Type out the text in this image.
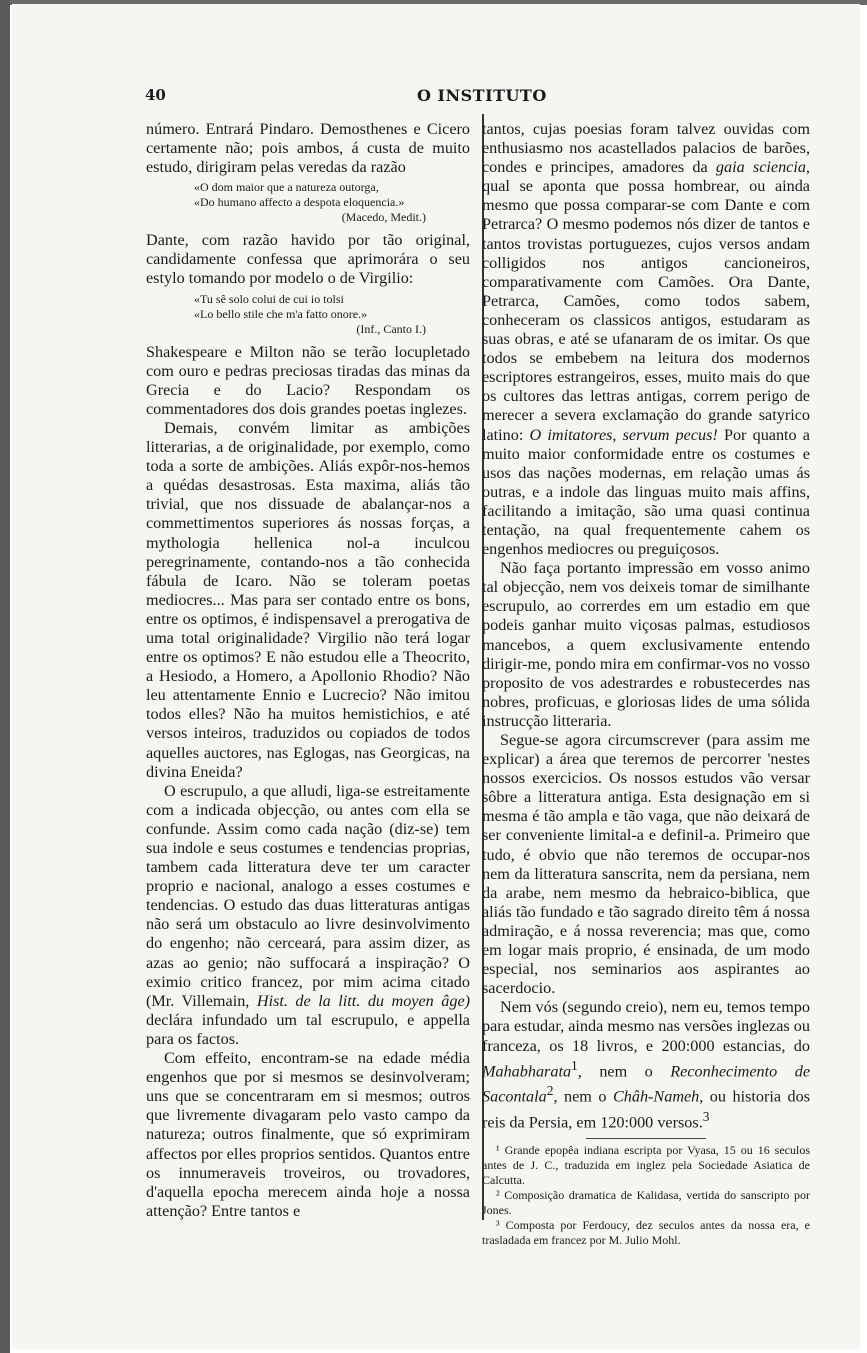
40	O INSTITUTO

número. Entrará Pindaro. Demosthenes e Cicero certamente não; pois ambos, á custa de muito estudo, dirigiram pelas veredas da razão

«O dom maior que a natureza outorga,
«Do humano affecto a despota eloquencia.»
(Macedo, Medit.)

Dante, com razão havido por tão original, candidamente confessa que aprimorára o seu estylo tomando por modelo o de Virgilio:

«Tu sê solo colui de cui io tolsi
«Lo bello stile che m'a fatto onore.»
(Inf., Canto I.)

Shakespeare e Milton não se terão locupletado com ouro e pedras preciosas tiradas das minas da Grecia e do Lacio? Respondam os commentadores dos dois grandes poetas inglezes.

Demais, convém limitar as ambições litterarias, a de originalidade, por exemplo, como toda a sorte de ambições. Aliás expôr-nos-hemos a quédas desastrosas. Esta maxima, aliás tão trivial, que nos dissuade de abalançar-nos a commettimentos superiores ás nossas forças, a mythologia hellenica nol-a inculcou peregrinamente, contando-nos a tão conhecida fábula de Icaro. Não se toleram poetas mediocres... Mas para ser contado entre os bons, entre os optimos, é indispensavel a prerogativa de uma total originalidade? Virgilio não terá logar entre os optimos? E não estudou elle a Theocrito, a Hesiodo, a Homero, a Apollonio Rhodio? Não leu attentamente Ennio e Lucrecio? Não imitou todos elles? Não ha muitos hemistichios, e até versos inteiros, traduzidos ou copiados de todos aquelles auctores, nas Eglogas, nas Georgicas, na divina Eneida?

O escrupulo, a que alludi, liga-se estreitamente com a indicada objecção, ou antes com ella se confunde. Assim como cada nação (diz-se) tem sua indole e seus costumes e tendencias proprias, tambem cada litteratura deve ter um caracter proprio e nacional, analogo a esses costumes e tendencias. O estudo das duas litteraturas antigas não será um obstaculo ao livre desinvolvimento do engenho; não cerceará, para assim dizer, as azas ao genio; não suffocará a inspiração? O eximio critico francez, por mim acima citado (Mr. Villemain, Hist. de la litt. du moyen âge) declára infundado um tal escrupulo, e appella para os factos.

Com effeito, encontram-se na edade média engenhos que por si mesmos se desinvolveram; uns que se concentraram em si mesmos; outros que livremente divagaram pelo vasto campo da natureza; outros finalmente, que só exprimiram affectos por elles proprios sentidos. Quantos entre os innumeraveis troveiros, ou trovadores, d'aquella epocha merecem ainda hoje a nossa attenção? Entre tantos e

tantos, cujas poesias foram talvez ouvidas com enthusiasmo nos acastellados palacios de barões, condes e principes, amadores da gaia sciencia, qual se aponta que possa hombrear, ou ainda mesmo que possa comparar-se com Dante e com Petrarca? O mesmo podemos nós dizer de tantos e tantos trovistas portuguezes, cujos versos andam colligidos nos antigos cancioneiros, comparativamente com Camões. Ora Dante, Petrarca, Camões, como todos sabem, conheceram os classicos antigos, estudaram as suas obras, e até se ufanaram de os imitar. Os que todos se embebem na leitura dos modernos escriptores estrangeiros, esses, muito mais do que os cultores das lettras antigas, correm perigo de merecer a severa exclamação do grande satyrico latino: O imitatores, servum pecus! Por quanto a muito maior conformidade entre os costumes e usos das nações modernas, em relação umas ás outras, e a indole das linguas muito mais affins, facilitando a imitação, são uma quasi continua tentação, na qual frequentemente cahem os engenhos mediocres ou preguiçosos.

Não faça portanto impressão em vosso animo tal objecção, nem vos deixeis tomar de similhante escrupulo, ao correrdes em um estadio em que podeis ganhar muito viçosas palmas, estudiosos mancebos, a quem exclusivamente entendo dirigir-me, pondo mira em confirmar-vos no vosso proposito de vos adestrardes e robustecerdes nas nobres, proficuas, e gloriosas lides de uma sólida instrucção litteraria.

Segue-se agora circumscrever (para assim me explicar) a área que teremos de percorrer 'nestes nossos exercicios. Os nossos estudos vão versar sôbre a litteratura antiga. Esta designação em si mesma é tão ampla e tão vaga, que não deixará de ser conveniente limital-a e definil-a. Primeiro que tudo, é obvio que não teremos de occupar-nos nem da litteratura sanscrita, nem da persiana, nem da arabe, nem mesmo da hebraico-biblica, que aliás tão fundado e tão sagrado direito têm á nossa admiração, e á nossa reverencia; mas que, como em logar mais proprio, é ensinada, de um modo especial, nos seminarios aos aspirantes ao sacerdocio.

Nem vós (segundo creio), nem eu, temos tempo para estudar, ainda mesmo nas versões inglezas ou franceza, os 18 livros, e 200:000 estancias, do Mahabharata$^1$, nem o Reconhecimento de Sacontala$^2$, nem o Châh-Nameh, ou historia dos reis da Persia, em 120:000 versos.$^3$

¹ Grande epopêa indiana escripta por Vyasa, 15 ou 16 seculos antes de J. C., traduzida em inglez pela Sociedade Asiatica de Calcutta.

² Composição dramatica de Kalidasa, vertida do sanscripto por Jones.

³ Composta por Ferdoucy, dez seculos antes da nossa era, e trasladada em francez por M. Julio Mohl.
